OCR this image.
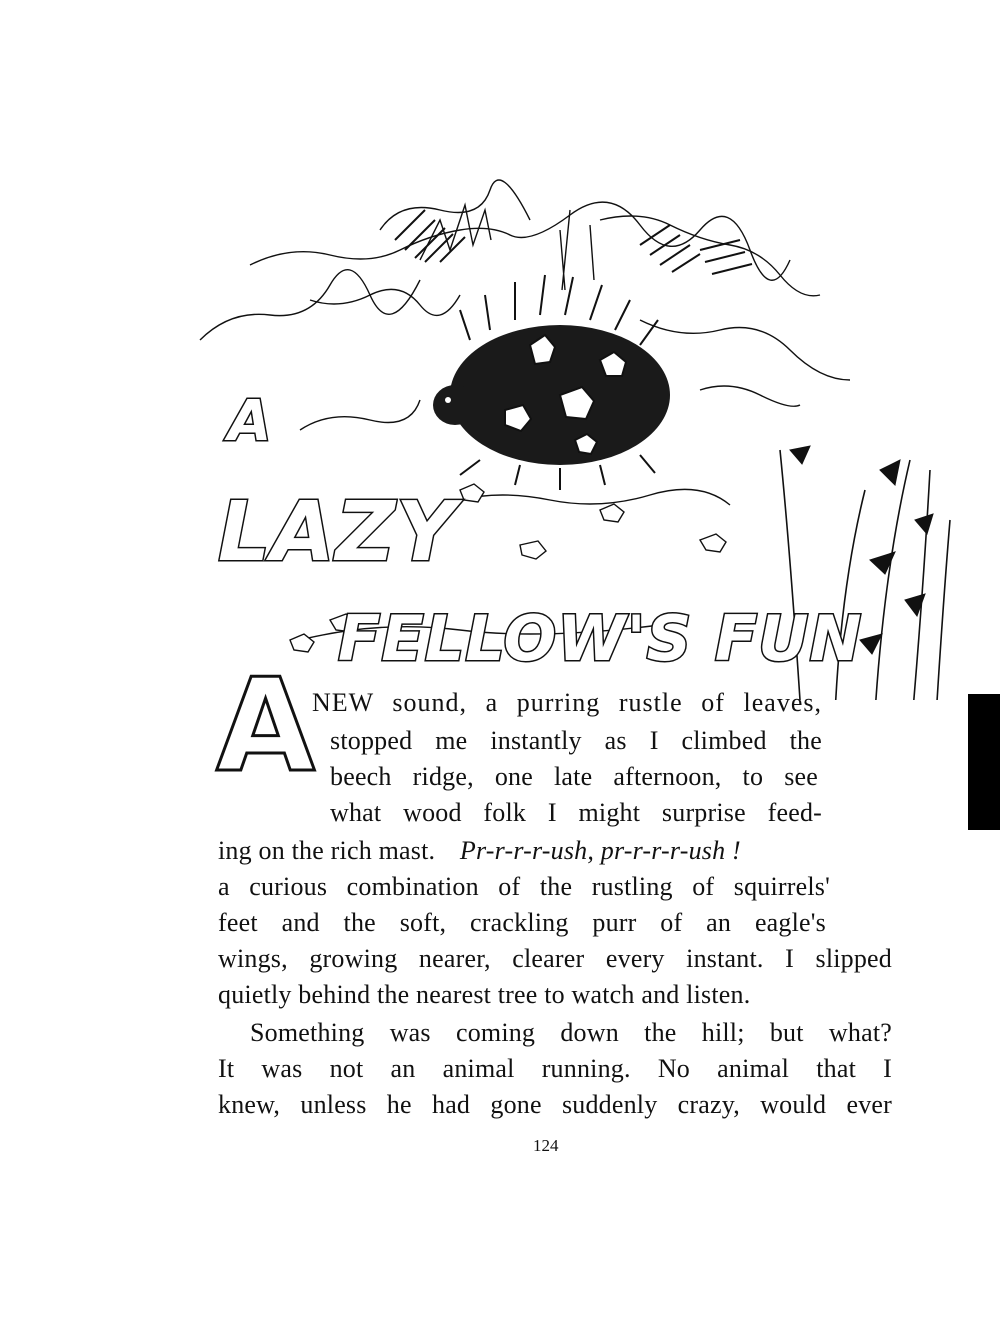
A
LAZY
FELLOW'S FUN
A
NEW sound, a purring rustle of leaves,
stopped me instantly as I climbed the
beech ridge, one late afternoon, to see
what wood folk I might surprise feed-
ing on the rich mast. Pr-r-r-r-ush, pr-r-r-r-ush !
a curious combination of the rustling of squirrels'
feet and the soft, crackling purr of an eagle's
wings, growing nearer, clearer every instant. I slipped
quietly behind the nearest tree to watch and listen.
Something was coming down the hill; but what?
It was not an animal running. No animal that I
knew, unless he had gone suddenly crazy, would ever
124
